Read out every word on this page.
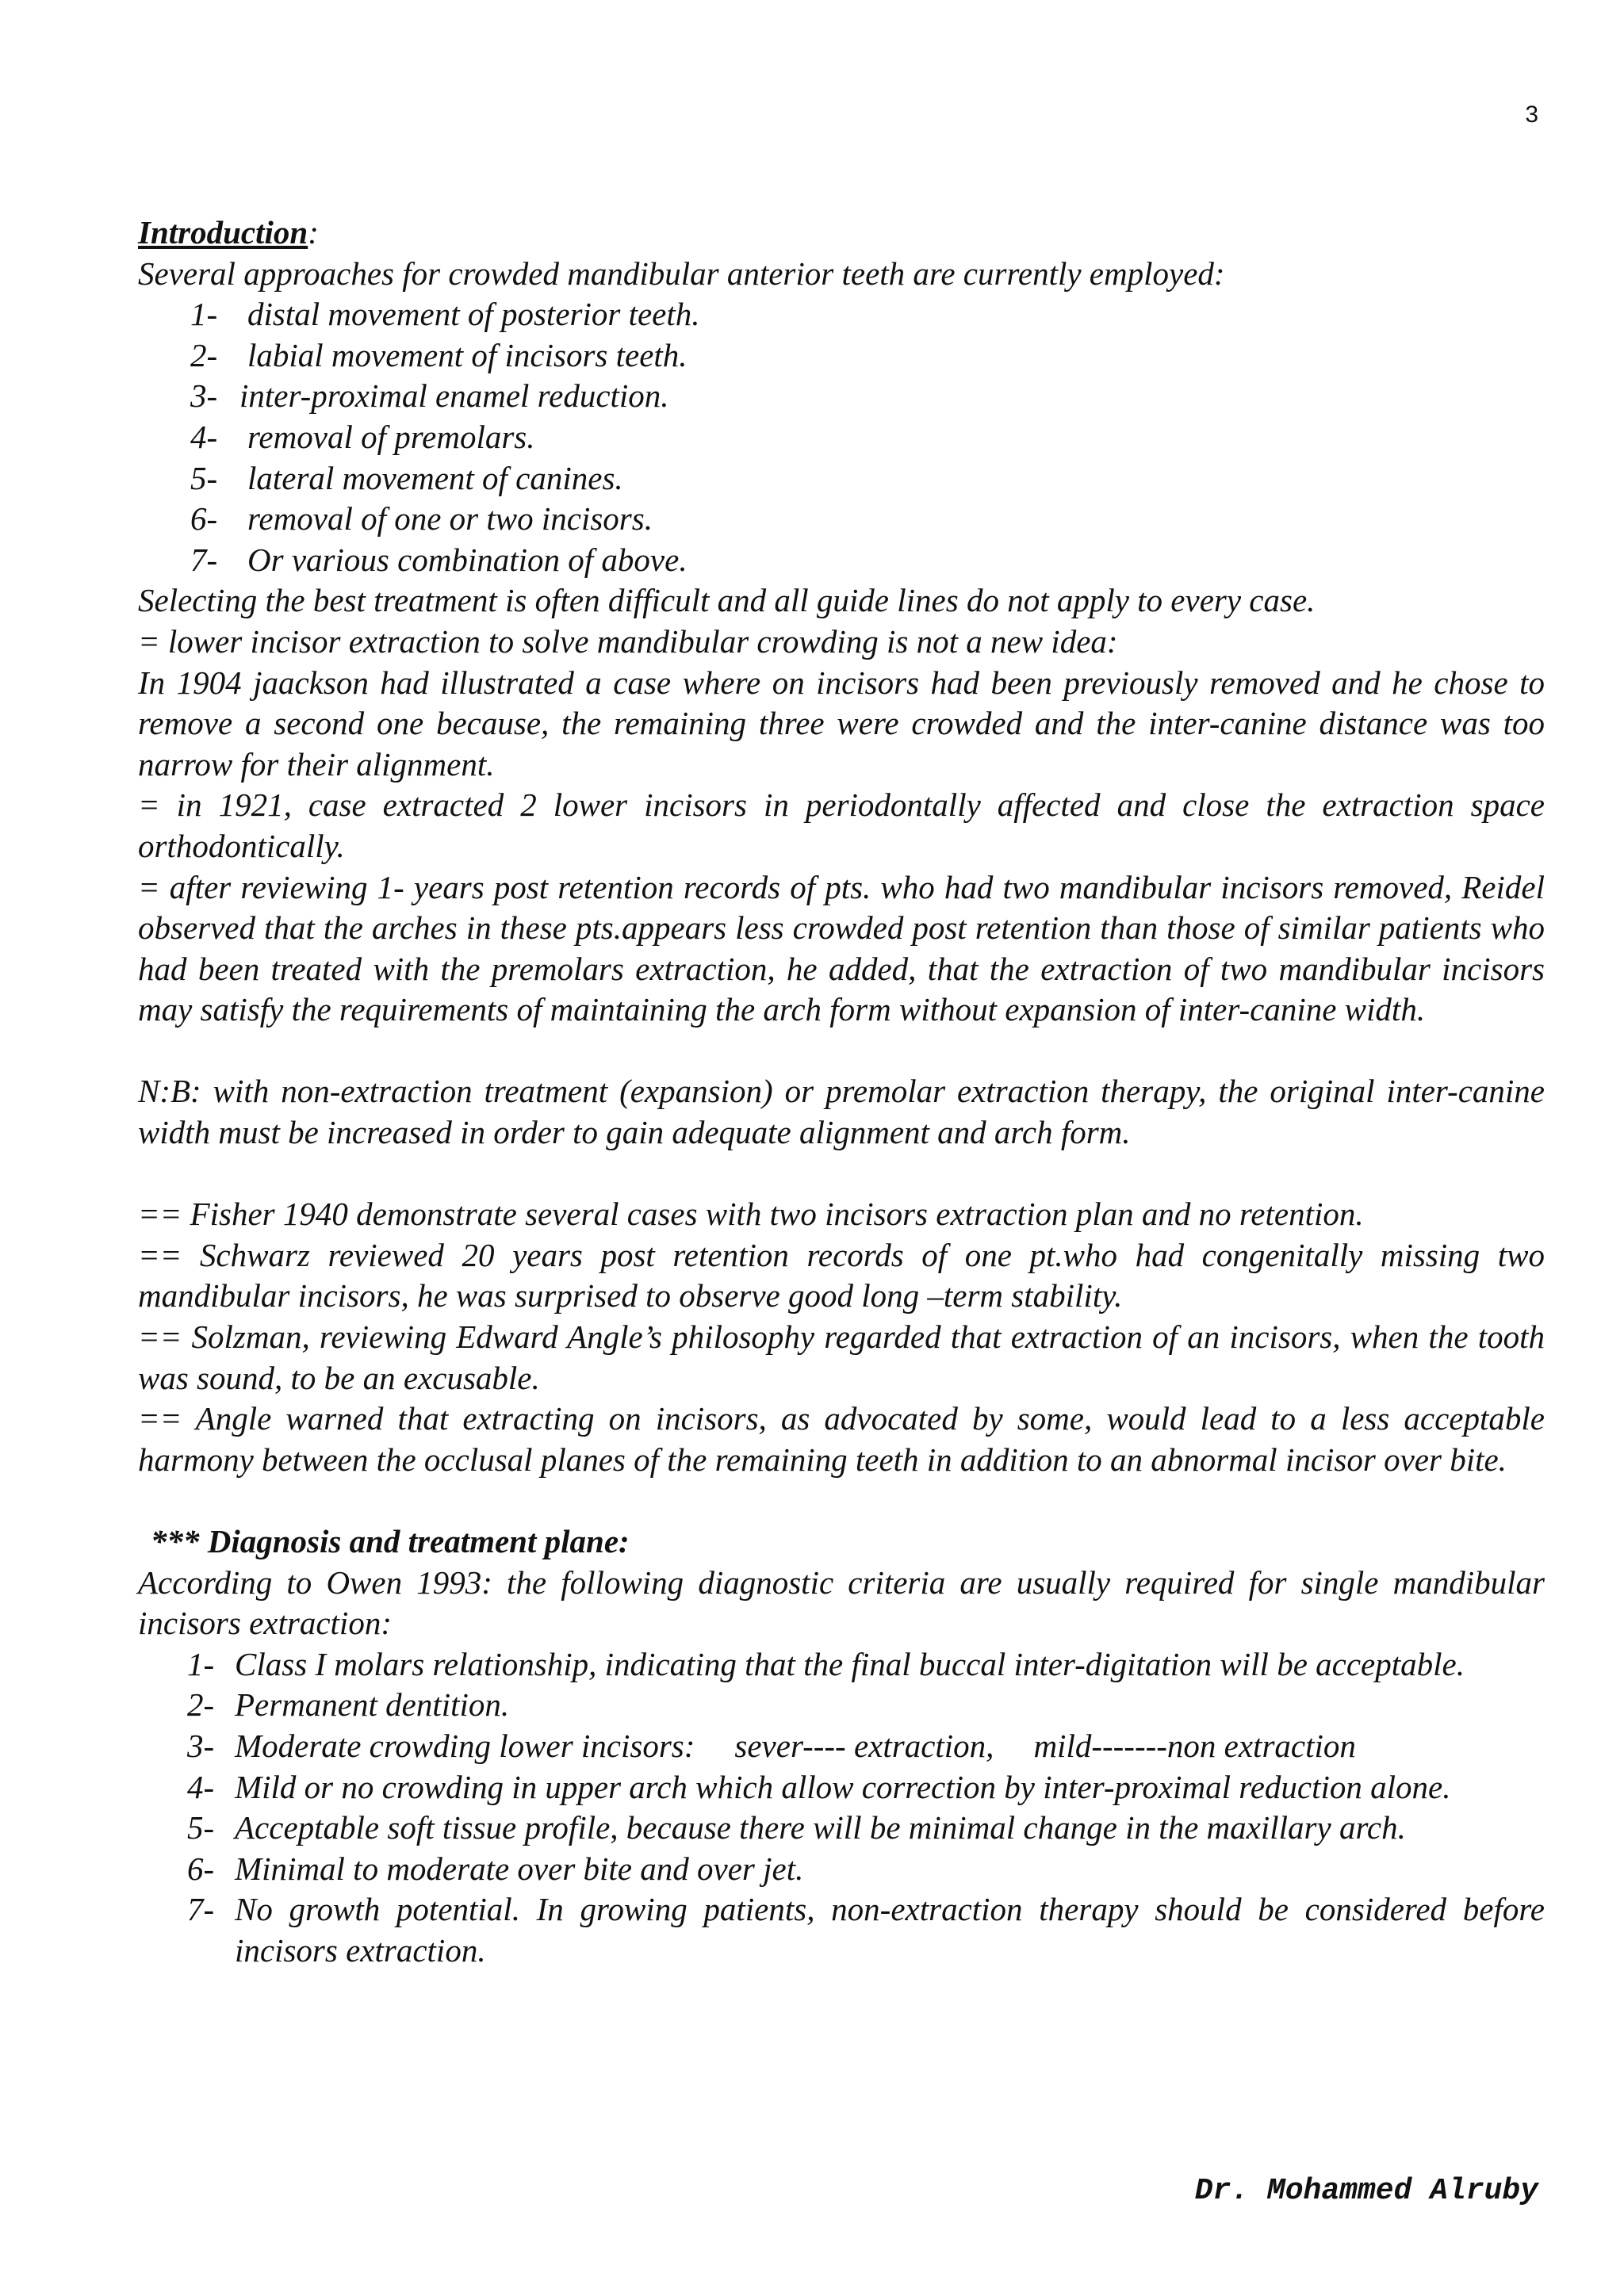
3
Introduction:
Several approaches for crowded mandibular anterior teeth are currently employed:
1- distal movement of posterior teeth.
2- labial movement of incisors teeth.
3- inter-proximal enamel reduction.
4- removal of premolars.
5- lateral movement of canines.
6- removal of one or two incisors.
7- Or various combination of above.
Selecting the best treatment is often difficult and all guide lines do not apply to every case.
= lower incisor extraction to solve mandibular crowding is not a new idea:
In 1904 jaackson had illustrated a case where on incisors had been previously removed and he chose to remove a second one because, the remaining three were crowded and the inter-canine distance was too narrow for their alignment.
= in 1921, case extracted 2 lower incisors in periodontally affected and close the extraction space orthodontically.
= after reviewing 1- years post retention records of pts. who had two mandibular incisors removed, Reidel observed that the arches in these pts.appears less crowded post retention than those of similar patients who had been treated with the premolars extraction, he added, that the extraction of two mandibular incisors may satisfy the requirements of maintaining the arch form without expansion of inter-canine width.
N:B: with non-extraction treatment (expansion) or premolar extraction therapy, the original inter-canine width must be increased in order to gain adequate alignment and arch form.
== Fisher 1940 demonstrate several cases with two incisors extraction plan and no retention.
== Schwarz reviewed 20 years post retention records of one pt.who had congenitally missing two mandibular incisors, he was surprised to observe good long –term stability.
== Solzman, reviewing Edward Angle’s philosophy regarded that extraction of an incisors, when the tooth was sound, to be an excusable.
== Angle warned that extracting on incisors, as advocated by some, would lead to a less acceptable harmony between the occlusal planes of the remaining teeth in addition to an abnormal incisor over bite.
*** Diagnosis and treatment plane:
According to Owen 1993: the following diagnostic criteria are usually required for single mandibular incisors extraction:
1- Class I molars relationship, indicating that the final buccal inter-digitation will be acceptable.
2- Permanent dentition.
3- Moderate crowding lower incisors: sever---- extraction, mild-------non extraction
4- Mild or no crowding in upper arch which allow correction by inter-proximal reduction alone.
5- Acceptable soft tissue profile, because there will be minimal change in the maxillary arch.
6- Minimal to moderate over bite and over jet.
7- No growth potential. In growing patients, non-extraction therapy should be considered before incisors extraction.
Dr. Mohammed Alruby
